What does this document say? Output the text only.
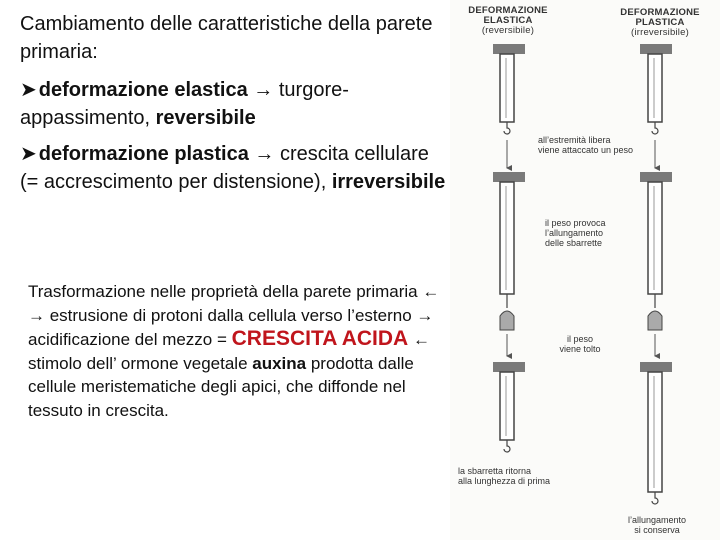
Cambiamento delle caratteristiche della parete primaria:
➤ deformazione elastica → turgore-
appassimento, reversibile
➤ deformazione plastica → crescita cellulare (= accrescimento per distensione), irreversibile
Trasformazione nelle proprietà della parete primaria ← → estrusione di protoni dalla cellula verso l’esterno → acidificazione del mezzo = CRESCITA ACIDA ← stimolo dell’ ormone vegetale auxina prodotta dalle cellule meristematiche degli apici, che diffonde nel tessuto in crescita.
DEFORMAZIONE
ELASTICA
(reversibile)
DEFORMAZIONE
PLASTICA
(irreversibile)
all’estremità libera
viene attaccato un peso
il peso provoca
l’allungamento
delle sbarrette
il peso
viene tolto
la sbarretta ritorna
alla lunghezza di prima
l’allungamento
si conserva
